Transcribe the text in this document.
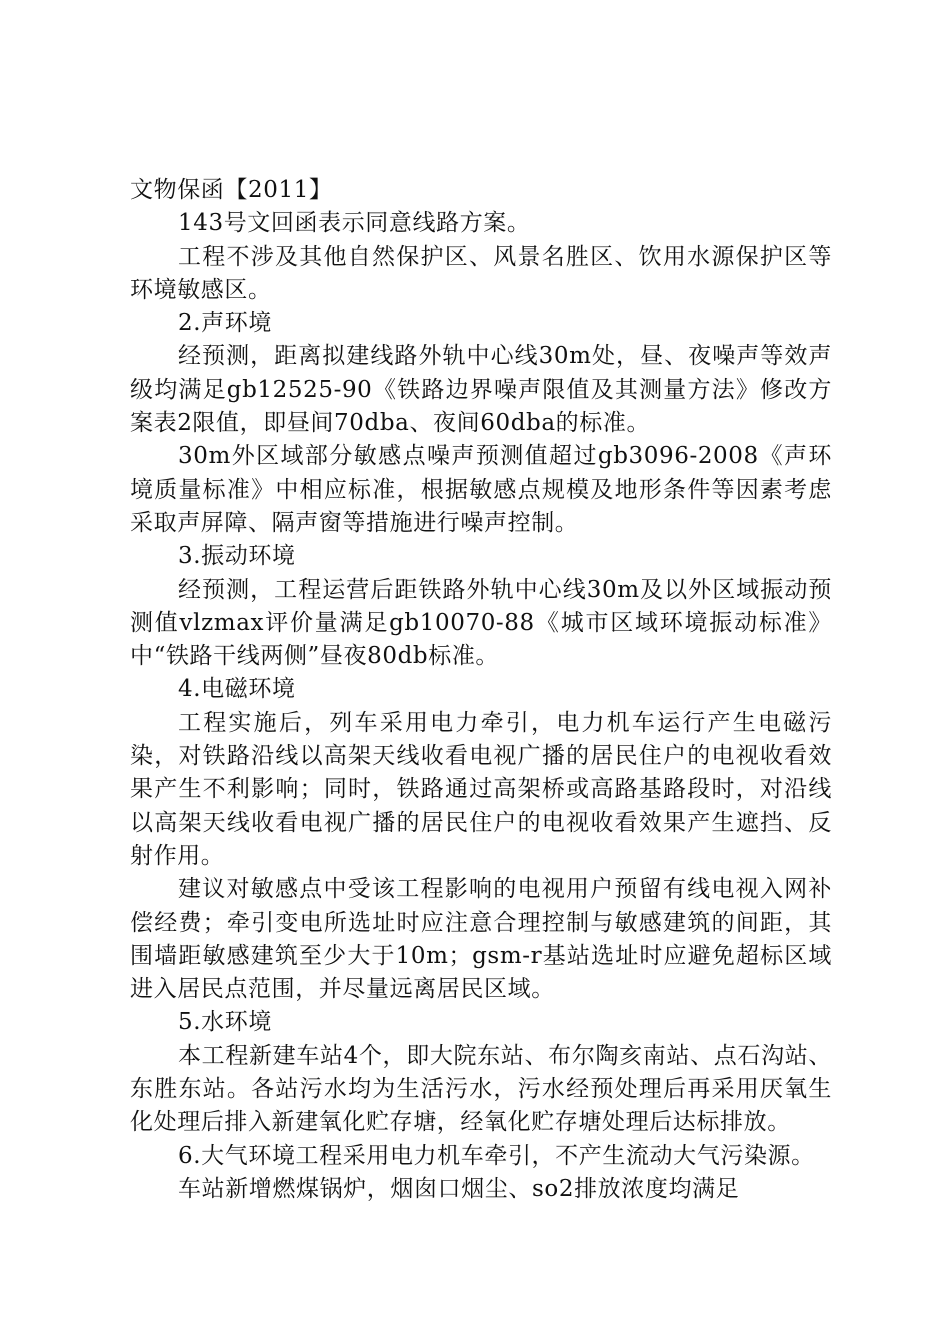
文物保函【2011】

143号文回函表示同意线路方案。

工程不涉及其他自然保护区、风景名胜区、饮用水源保护区等环境敏感区。

2.声环境

经预测，距离拟建线路外轨中心线30m处，昼、夜噪声等效声级均满足gb12525-90《铁路边界噪声限值及其测量方法》修改方案表2限值，即昼间70dba、夜间60dba的标准。

30m外区域部分敏感点噪声预测值超过gb3096-2008《声环境质量标准》中相应标准，根据敏感点规模及地形条件等因素考虑采取声屏障、隔声窗等措施进行噪声控制。

3.振动环境

经预测，工程运营后距铁路外轨中心线30m及以外区域振动预测值vlzmax评价量满足gb10070-88《城市区域环境振动标准》中“铁路干线两侧”昼夜80db标准。

4.电磁环境

工程实施后，列车采用电力牵引，电力机车运行产生电磁污染，对铁路沿线以高架天线收看电视广播的居民住户的电视收看效果产生不利影响；同时，铁路通过高架桥或高路基路段时，对沿线以高架天线收看电视广播的居民住户的电视收看效果产生遮挡、反射作用。

建议对敏感点中受该工程影响的电视用户预留有线电视入网补偿经费；牵引变电所选址时应注意合理控制与敏感建筑的间距，其围墙距敏感建筑至少大于10m；gsm-r基站选址时应避免超标区域进入居民点范围，并尽量远离居民区域。

5.水环境

本工程新建车站4个，即大院东站、布尔陶亥南站、点石沟站、东胜东站。各站污水均为生活污水，污水经预处理后再采用厌氧生化处理后排入新建氧化贮存塘，经氧化贮存塘处理后达标排放。

6.大气环境工程采用电力机车牵引，不产生流动大气污染源。

车站新增燃煤锅炉，烟囱口烟尘、so2排放浓度均满足
